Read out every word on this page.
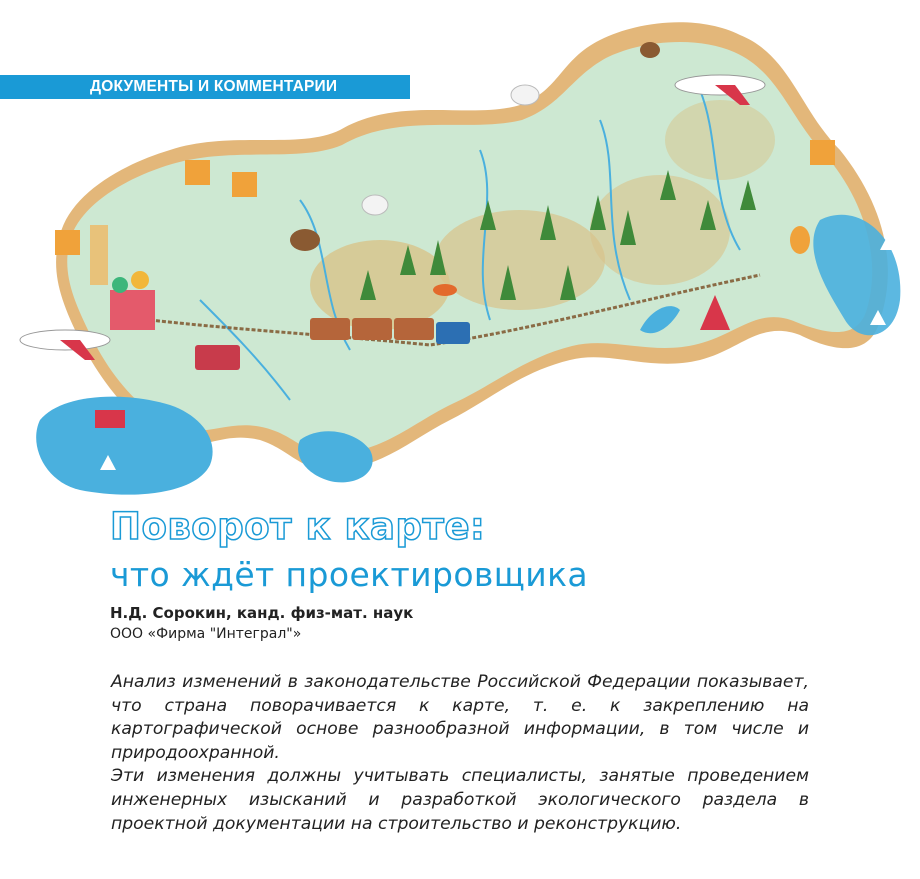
ДОКУМЕНТЫ И КОММЕНТАРИИ
Поворот к карте:
что ждёт проектировщика
Н.Д. Сорокин, канд. физ-мат. наук
ООО «Фирма "Интеграл"»

Анализ изменений в законодательстве Российской Федерации показывает, что страна поворачивается к карте, т. е. к закреплению на картографической основе разнообразной информации, в том числе и природоохранной.

Эти изменения должны учитывать специалисты, занятые проведением инженерных изысканий и разработкой экологического раздела в проектной документации на строительство и реконструкцию.
